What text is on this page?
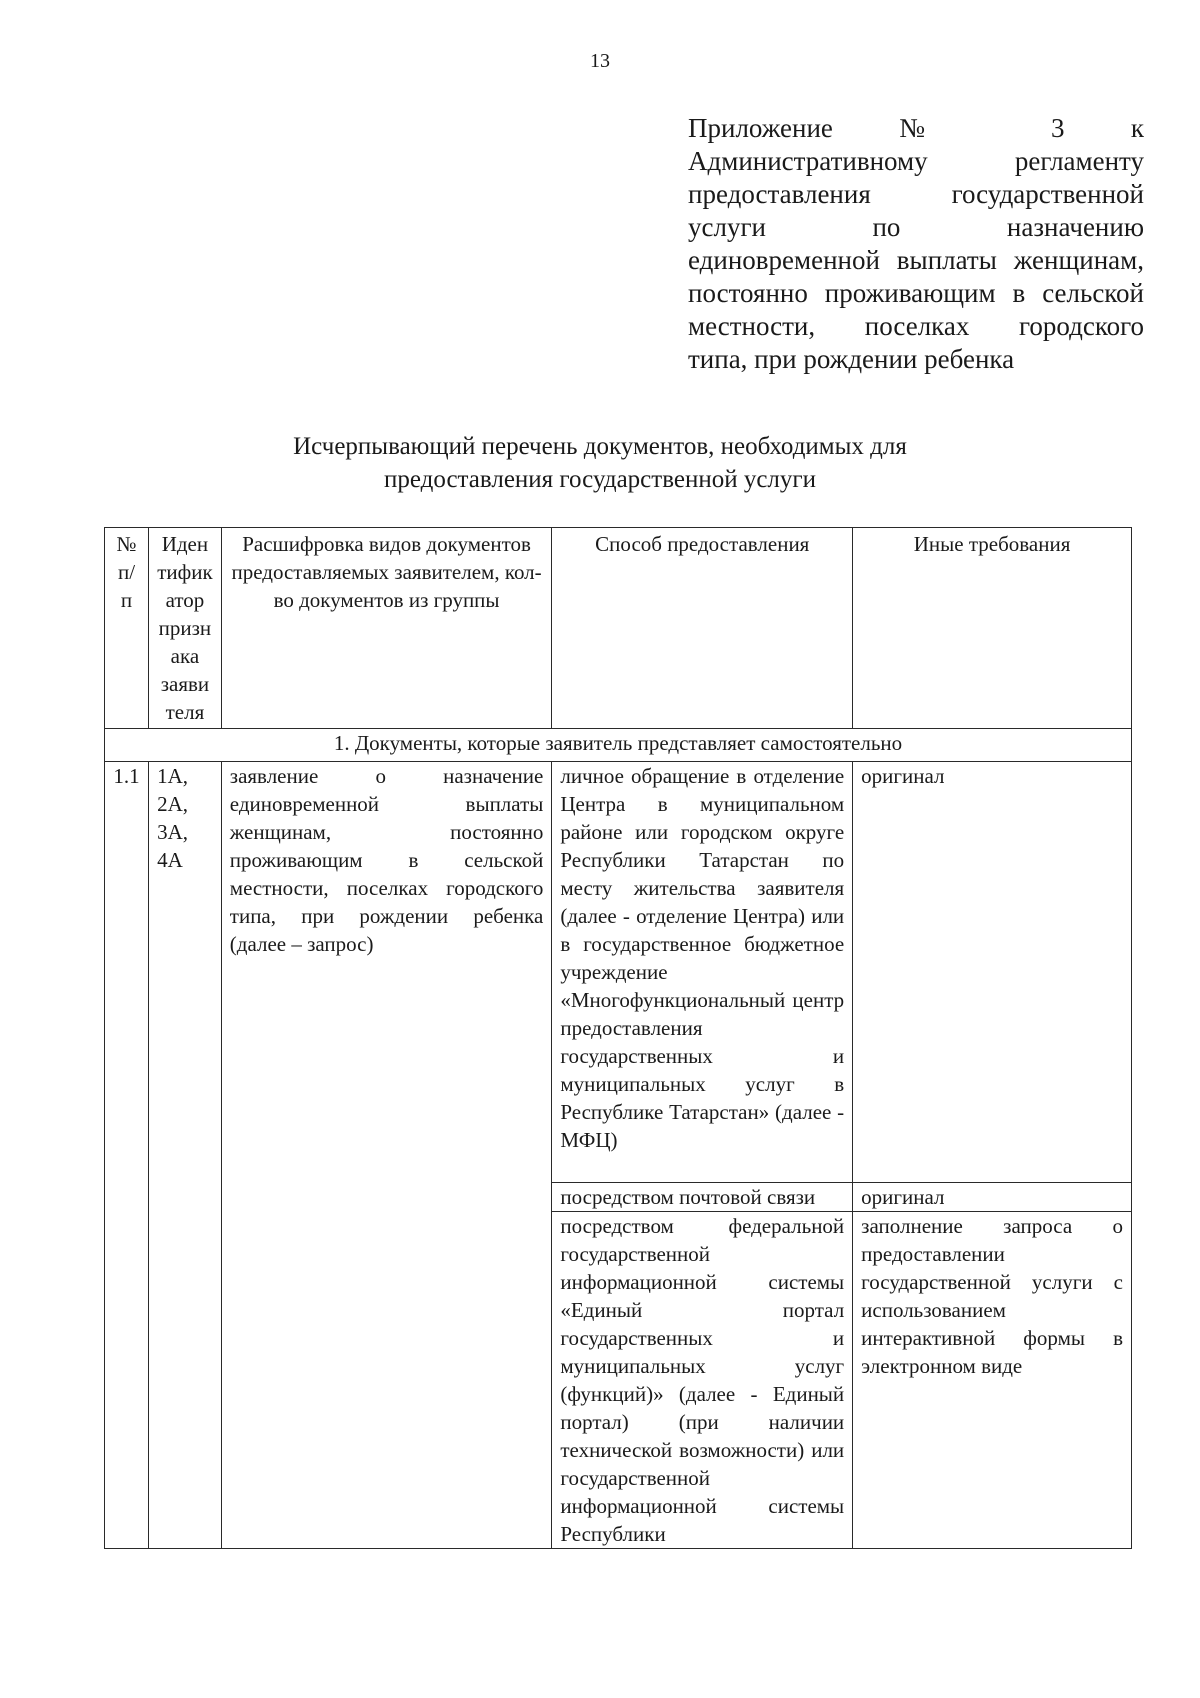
13
Приложение № 3 к
Административному регламенту
предоставления государственной
услуги по назначению
единовременной выплаты женщинам,
постоянно проживающим в сельской
местности, поселках городского
типа, при рождении ребенка
Исчерпывающий перечень документов, необходимых для
предоставления государственной услуги
№ п/п	Иден тифик атор призн ака заяви теля	Расшифровка видов документов предоставляемых заявителем, кол-во документов из группы	Способ предоставления	Иные требования
1. Документы, которые заявитель представляет самостоятельно				
1.1	1А, 2А, 3А, 4А	заявление о назначение единовременной выплаты женщинам, постоянно проживающим в сельской местности, поселках городского типа, при рождении ребенка (далее – запрос)	личное обращение в отделение Центра в муниципальном районе или городском округе Республики Татарстан по месту жительства заявителя (далее - отделение Центра) или в государственное бюджетное учреждение «Многофункциональный центр предоставления государственных и муниципальных услуг в Республике Татарстан» (далее - МФЦ)	оригинал
			посредством почтовой связи	оригинал
			посредством федеральной государственной информационной системы «Единый портал государственных и муниципальных услуг (функций)» (далее - Единый портал) (при наличии технической возможности) или государственной информационной системы Республики	заполнение запроса о предоставлении государственной услуги с использованием интерактивной формы в электронном виде
